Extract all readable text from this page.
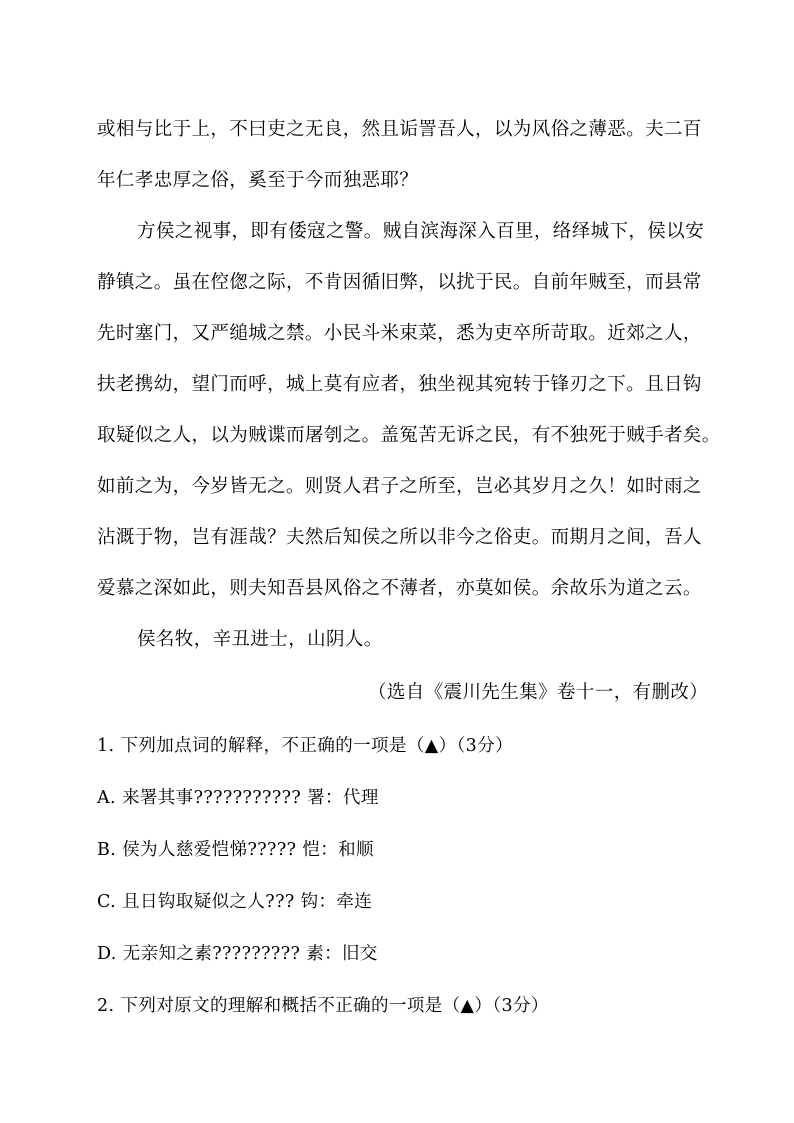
或相与比于上，不曰吏之无良，然且诟詈吾人，以为风俗之薄恶。夫二百
年仁孝忠厚之俗，奚至于今而独恶耶？
方侯之视事，即有倭寇之警。贼自滨海深入百里，络绎城下，侯以安
静镇之。虽在倥偬之际，不肯因循旧弊，以扰于民。自前年贼至，而县常
先时塞门，又严缒城之禁。小民斗米束菜，悉为吏卒所苛取。近郊之人，
扶老携幼，望门而呼，城上莫有应者，独坐视其宛转于锋刃之下。且日钩
取疑似之人，以为贼谍而屠刳之。盖冤苦无诉之民，有不独死于贼手者矣。
如前之为，今岁皆无之。则贤人君子之所至，岂必其岁月之久！如时雨之
沾溉于物，岂有涯哉？夫然后知侯之所以非今之俗吏。而期月之间，吾人
爱慕之深如此，则夫知吾县风俗之不薄者，亦莫如侯。余故乐为道之云。
侯名牧，辛丑进士，山阴人。
（选自《震川先生集》卷十一，有删改）
1. 下列加点词的解释，不正确的一项是（▲）（3分）
A. 来署其事??????????? 署：代理
B. 侯为人慈爱恺悌????? 恺：和顺
C. 且日钩取疑似之人??? 钩：牵连
D. 无亲知之素????????? 素：旧交
2. 下列对原文的理解和概括不正确的一项是（▲）（3分）
